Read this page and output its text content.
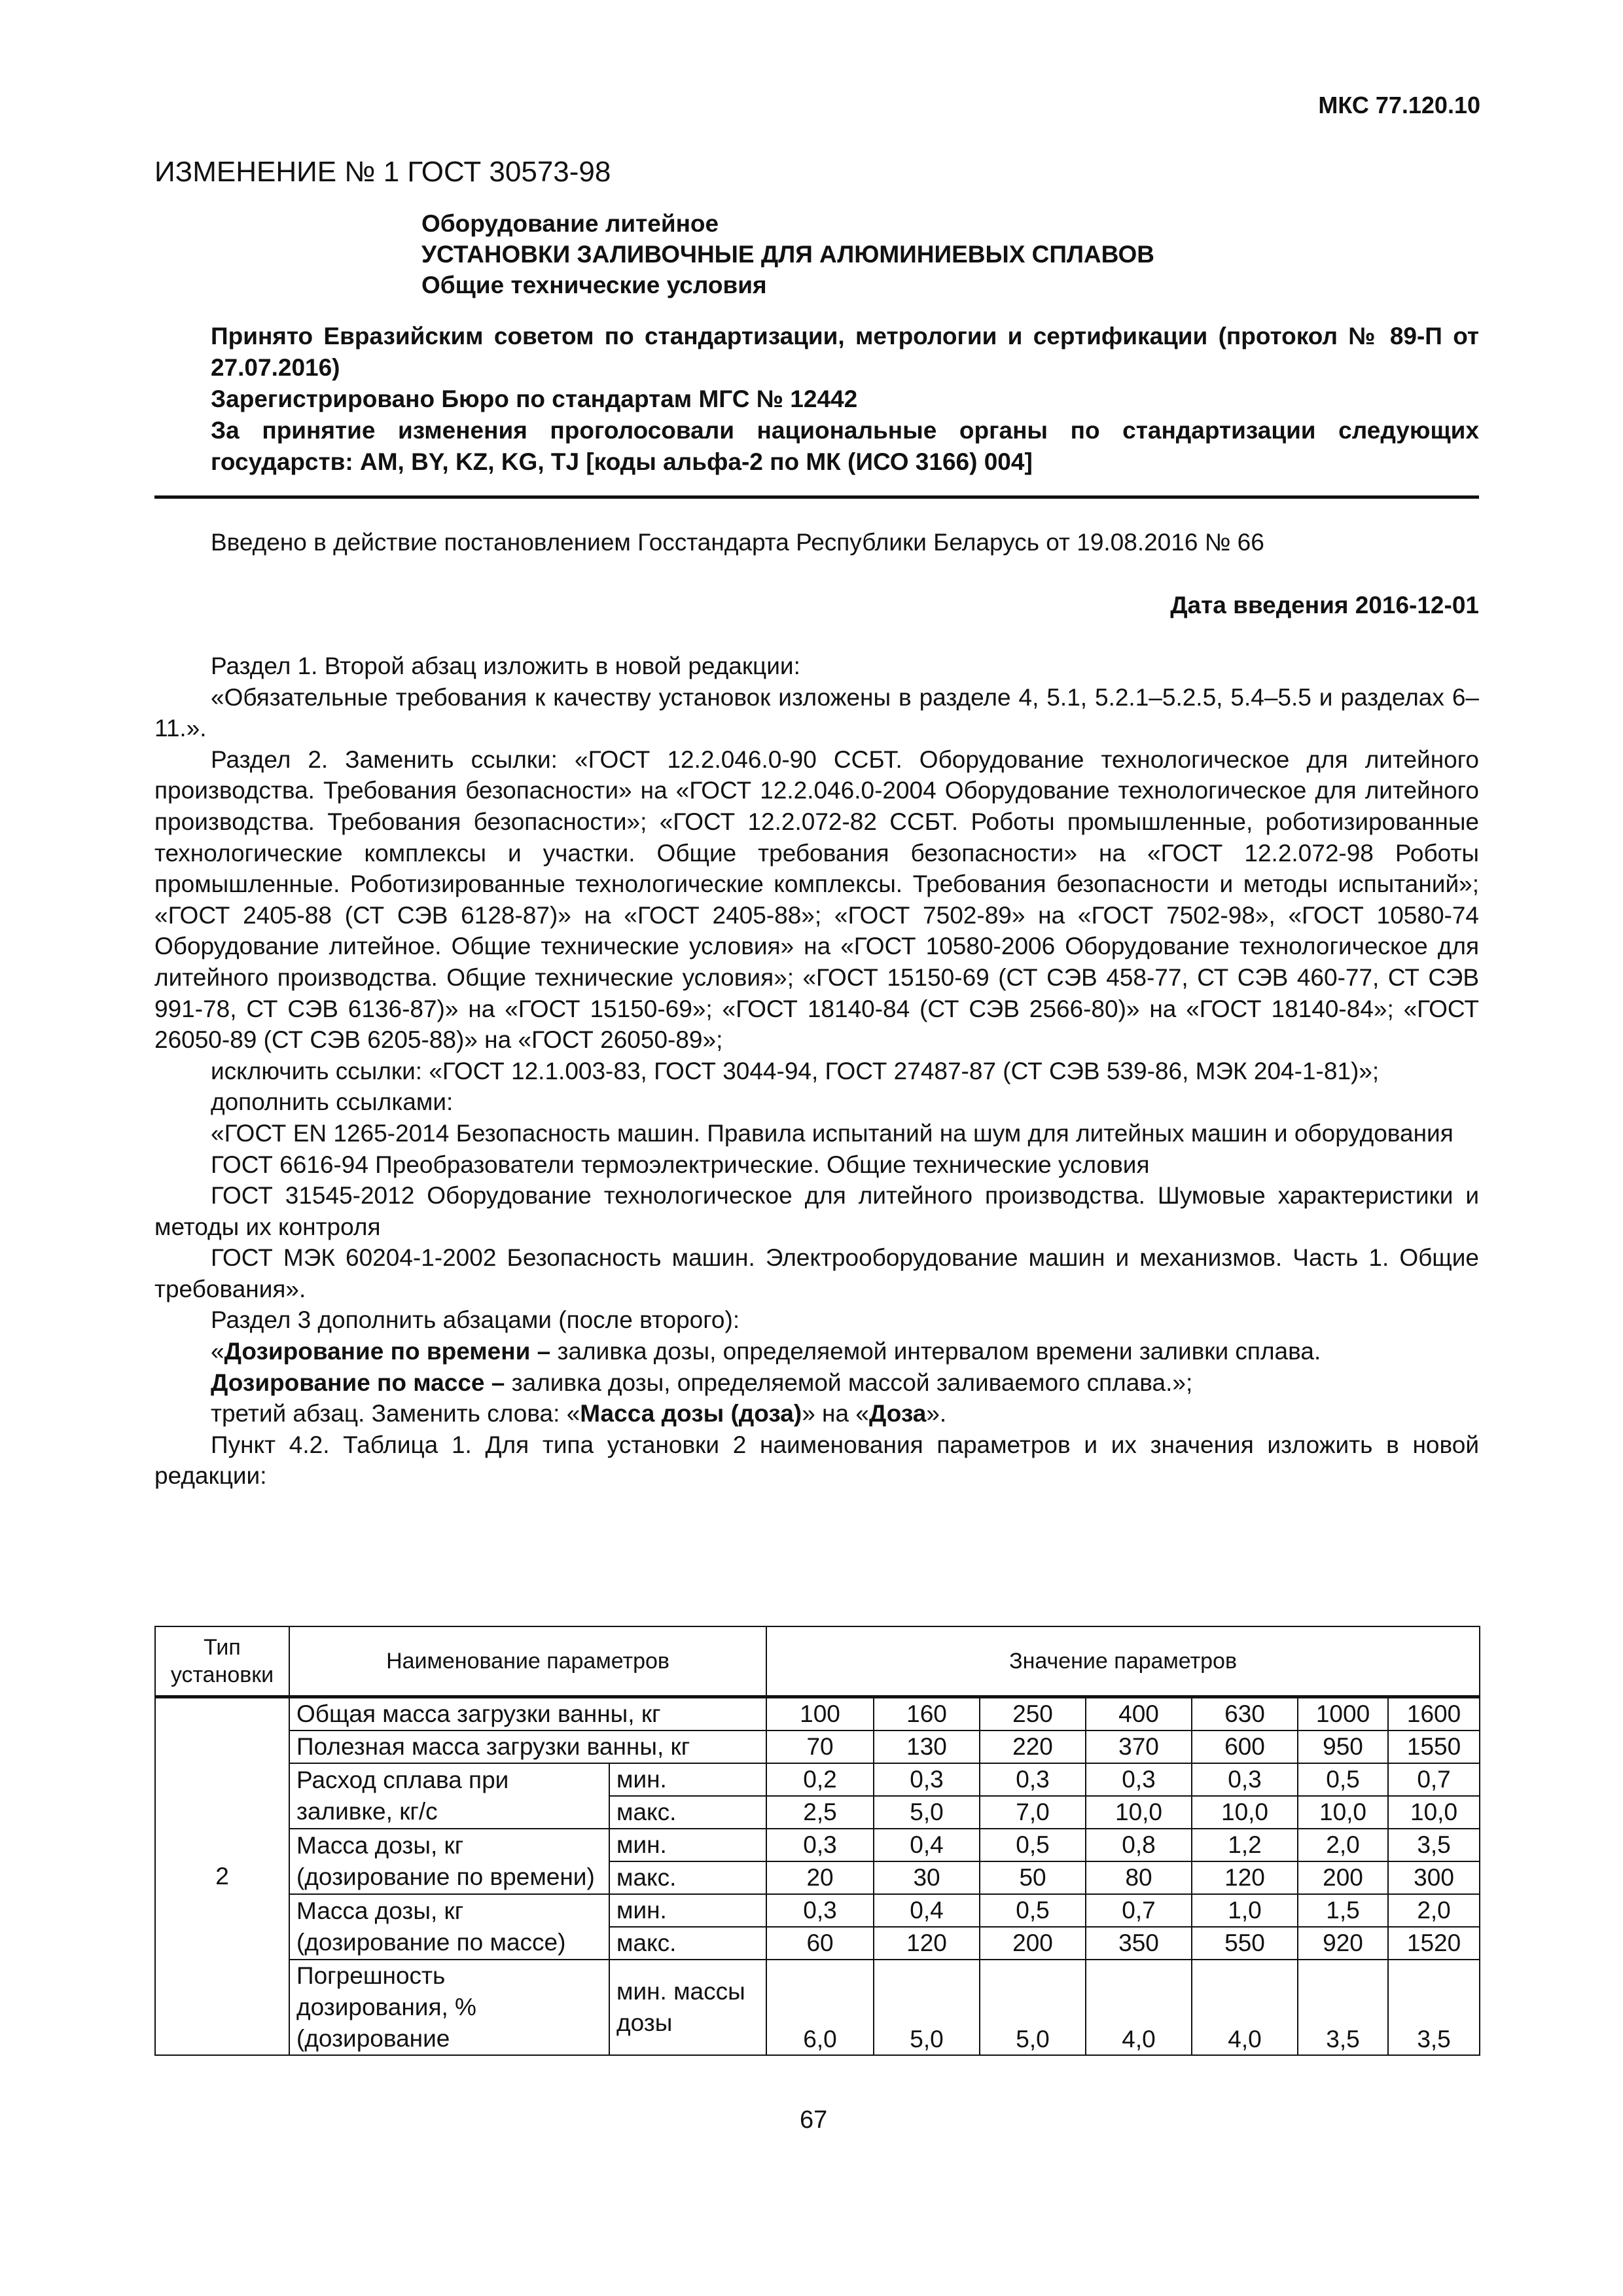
МКС 77.120.10
ИЗМЕНЕНИЕ № 1 ГОСТ 30573-98
Оборудование литейное
УСТАНОВКИ ЗАЛИВОЧНЫЕ ДЛЯ АЛЮМИНИЕВЫХ СПЛАВОВ
Общие технические условия

Принято Евразийским советом по стандартизации, метрологии и сертификации (протокол № 89-П от 27.07.2016)

Зарегистрировано Бюро по стандартам МГС № 12442

За принятие изменения проголосовали национальные органы по стандартизации следующих государств: AM, BY, KZ, KG, TJ [коды альфа-2 по МК (ИСО 3166) 004]

Введено в действие постановлением Госстандарта Республики Беларусь от 19.08.2016 № 66
Дата введения 2016-12-01

Раздел 1. Второй абзац изложить в новой редакции:

«Обязательные требования к качеству установок изложены в разделе 4, 5.1, 5.2.1–5.2.5, 5.4–5.5 и разделах 6–11.».

Раздел 2. Заменить ссылки: «ГОСТ 12.2.046.0-90 ССБТ. Оборудование технологическое для литейного производства. Требования безопасности» на «ГОСТ 12.2.046.0-2004 Оборудование технологическое для литейного производства. Требования безопасности»; «ГОСТ 12.2.072-82 ССБТ. Роботы промышленные, роботизированные технологические комплексы и участки. Общие требования безопасности» на «ГОСТ 12.2.072-98 Роботы промышленные. Роботизированные технологические комплексы. Требования безопасности и методы испытаний»; «ГОСТ 2405-88 (СТ СЭВ 6128-87)» на «ГОСТ 2405-88»; «ГОСТ 7502-89» на «ГОСТ 7502-98», «ГОСТ 10580-74 Оборудование литейное. Общие технические условия» на «ГОСТ 10580-2006 Оборудование технологическое для литейного производства. Общие технические условия»; «ГОСТ 15150-69 (СТ СЭВ 458-77, СТ СЭВ 460-77, СТ СЭВ 991-78, СТ СЭВ 6136-87)» на «ГОСТ 15150-69»; «ГОСТ 18140-84 (СТ СЭВ 2566-80)» на «ГОСТ 18140-84»; «ГОСТ 26050-89 (СТ СЭВ 6205-88)» на «ГОСТ 26050-89»;

исключить ссылки: «ГОСТ 12.1.003-83, ГОСТ 3044-94, ГОСТ 27487-87 (СТ СЭВ 539-86, МЭК 204-1-81)»;

дополнить ссылками:

«ГОСТ EN 1265-2014 Безопасность машин. Правила испытаний на шум для литейных машин и оборудования

ГОСТ 6616-94 Преобразователи термоэлектрические. Общие технические условия

ГОСТ 31545-2012 Оборудование технологическое для литейного производства. Шумовые характеристики и методы их контроля

ГОСТ МЭК 60204-1-2002 Безопасность машин. Электрооборудование машин и механизмов. Часть 1. Общие требования».

Раздел 3 дополнить абзацами (после второго):

«Дозирование по времени – заливка дозы, определяемой интервалом времени заливки сплава.

Дозирование по массе – заливка дозы, определяемой массой заливаемого сплава.»;

третий абзац. Заменить слова: «Масса дозы (доза)» на «Доза».

Пункт 4.2. Таблица 1. Для типа установки 2 наименования параметров и их значения изложить в новой редакции:

Тип установки	Наименование параметров		Значение параметров						
2	Общая масса загрузки ванны, кг		100	160	250	400	630	1000	1600
	Полезная масса загрузки ванны, кг		70	130	220	370	600	950	1550
	Расход сплава при заливке, кг/с	мин.	0,2	0,3	0,3	0,3	0,3	0,5	0,7
		макс.	2,5	5,0	7,0	10,0	10,0	10,0	10,0
	Масса дозы, кг (дозирование по времени)	мин.	0,3	0,4	0,5	0,8	1,2	2,0	3,5
		макс.	20	30	50	80	120	200	300
	Масса дозы, кг (дозирование по массе)	мин.	0,3	0,4	0,5	0,7	1,0	1,5	2,0
		макс.	60	120	200	350	550	920	1520
	Погрешность дозирования, % (дозирование	мин. массы дозы	6,0	5,0	5,0	4,0	4,0	3,5	3,5
67
